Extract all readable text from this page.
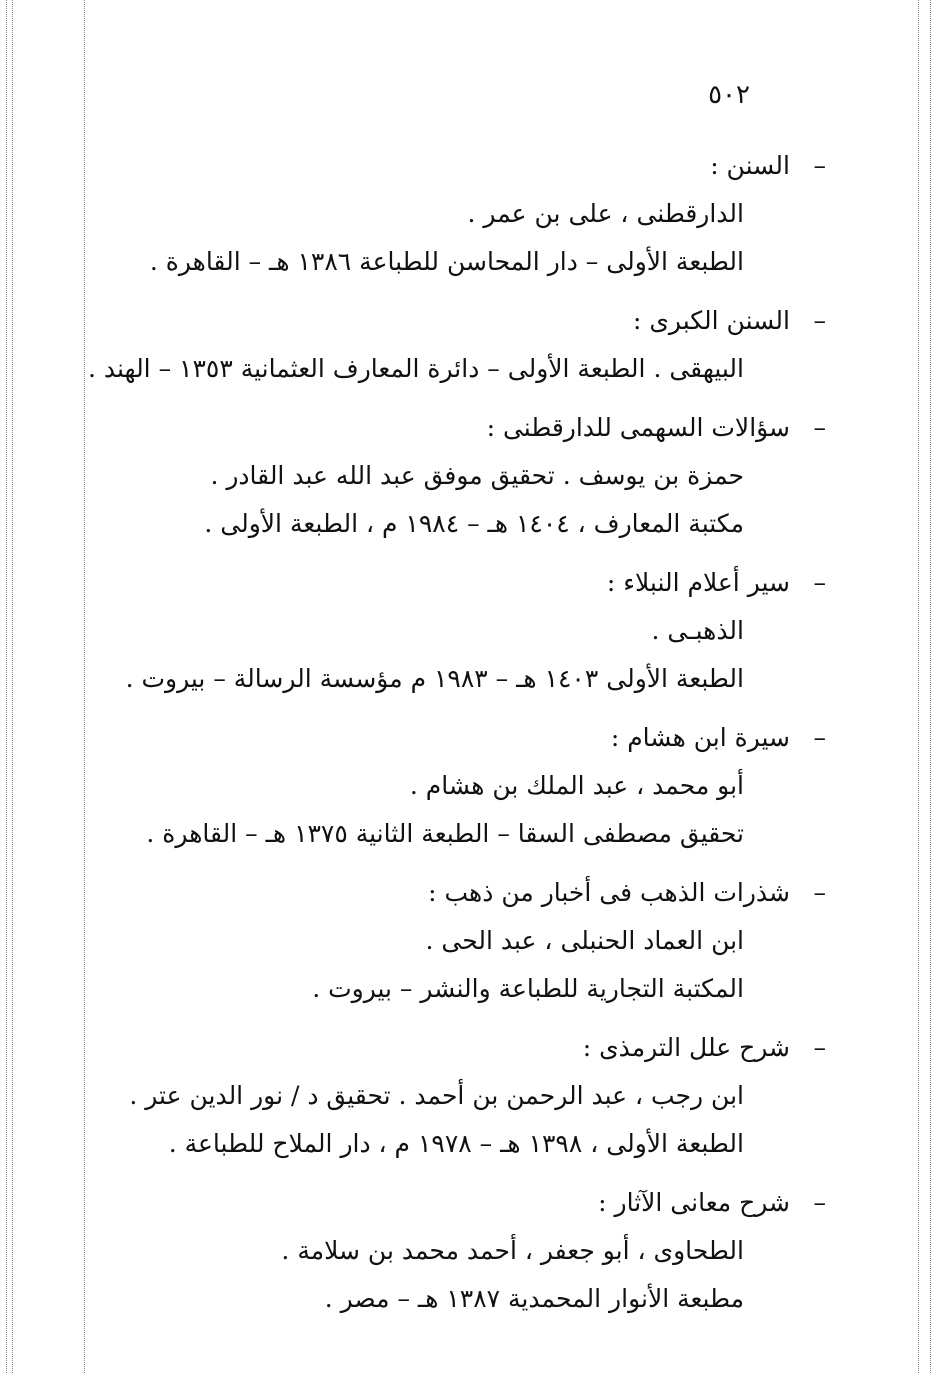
٥٠٢
–
السنن :
الدارقطنى ، على بن عمر .
الطبعة الأولى – دار المحاسن للطباعة ١٣٨٦ هـ – القاهرة .
–
السنن الكبرى :
البيهقى . الطبعة الأولى – دائرة المعارف العثمانية ١٣٥٣ – الهند .
–
سؤالات السهمى للدارقطنى :
حمزة بن يوسف . تحقيق موفق عبد الله عبد القادر .
مكتبة المعارف ، ١٤٠٤ هـ – ١٩٨٤ م ، الطبعة الأولى .
–
سير أعلام النبلاء :
الذهبـى .
الطبعة الأولى ١٤٠٣ هـ – ١٩٨٣ م مؤسسة الرسالة – بيروت .
–
سيرة ابن هشام :
أبو محمد ، عبد الملك بن هشام .
تحقيق مصطفى السقا – الطبعة الثانية ١٣٧٥ هـ – القاهرة .
–
شذرات الذهب فى أخبار من ذهب :
ابن العماد الحنبلى ، عبد الحى .
المكتبة التجارية للطباعة والنشر – بيروت .
–
شرح علل الترمذى :
ابن رجب ، عبد الرحمن بن أحمد . تحقيق د / نور الدين عتر .
الطبعة الأولى ، ١٣٩٨ هـ – ١٩٧٨ م ، دار الملاح للطباعة .
–
شرح معانى الآثار :
الطحاوى ، أبو جعفر ، أحمد محمد بن سلامة .
مطبعة الأنوار المحمدية ١٣٨٧ هـ – مصر .
